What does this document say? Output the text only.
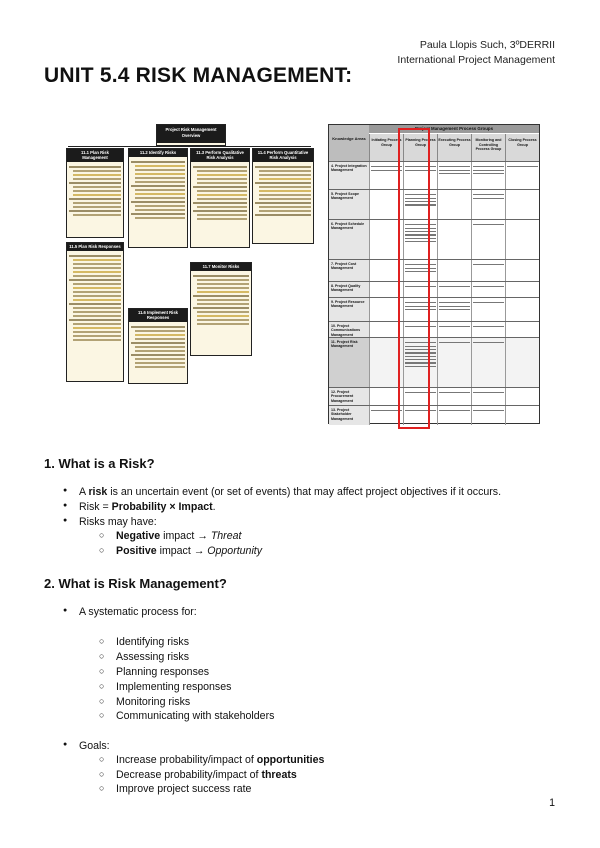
Paula Llopis Such, 3ºDERRII
International Project Management
UNIT 5.4 RISK MANAGEMENT:
Project Risk Management Overview
11.1 Plan Risk Management
11.2 Identify Risks	11.3 Perform Qualitative Risk Analysis
11.4 Perform Quantitative Risk Analysis
11.5 Plan Risk Responses
11.6 Implement Risk Responses
11.7 Monitor Risks
Knowledge Areas
Project Management Process Groups
Initiating Process Group
Planning Process Group
Executing Process Group
Monitoring and Controlling Process Group
Closing Process Group
4. Project Integration Management
5. Project Scope Management
6. Project Schedule Management
7. Project Cost Management
8. Project Quality Management
9. Project Resource Management
10. Project Communications Management
11. Project Risk Management
12. Project Procurement Management
13. Project Stakeholder Management
1. What is a Risk?
● A risk is an uncertain event (or set of events) that may affect project objectives if it occurs.
● Risk = Probability × Impact.
● Risks may have:
○ Negative impact → Threat
○ Positive impact → Opportunity
2. What is Risk Management?
● A systematic process for:
○ Identifying risks
○ Assessing risks
○ Planning responses
○ Implementing responses
○ Monitoring risks
○ Communicating with stakeholders
● Goals:
○ Increase probability/impact of opportunities
○ Decrease probability/impact of threats
○ Improve project success rate
1
